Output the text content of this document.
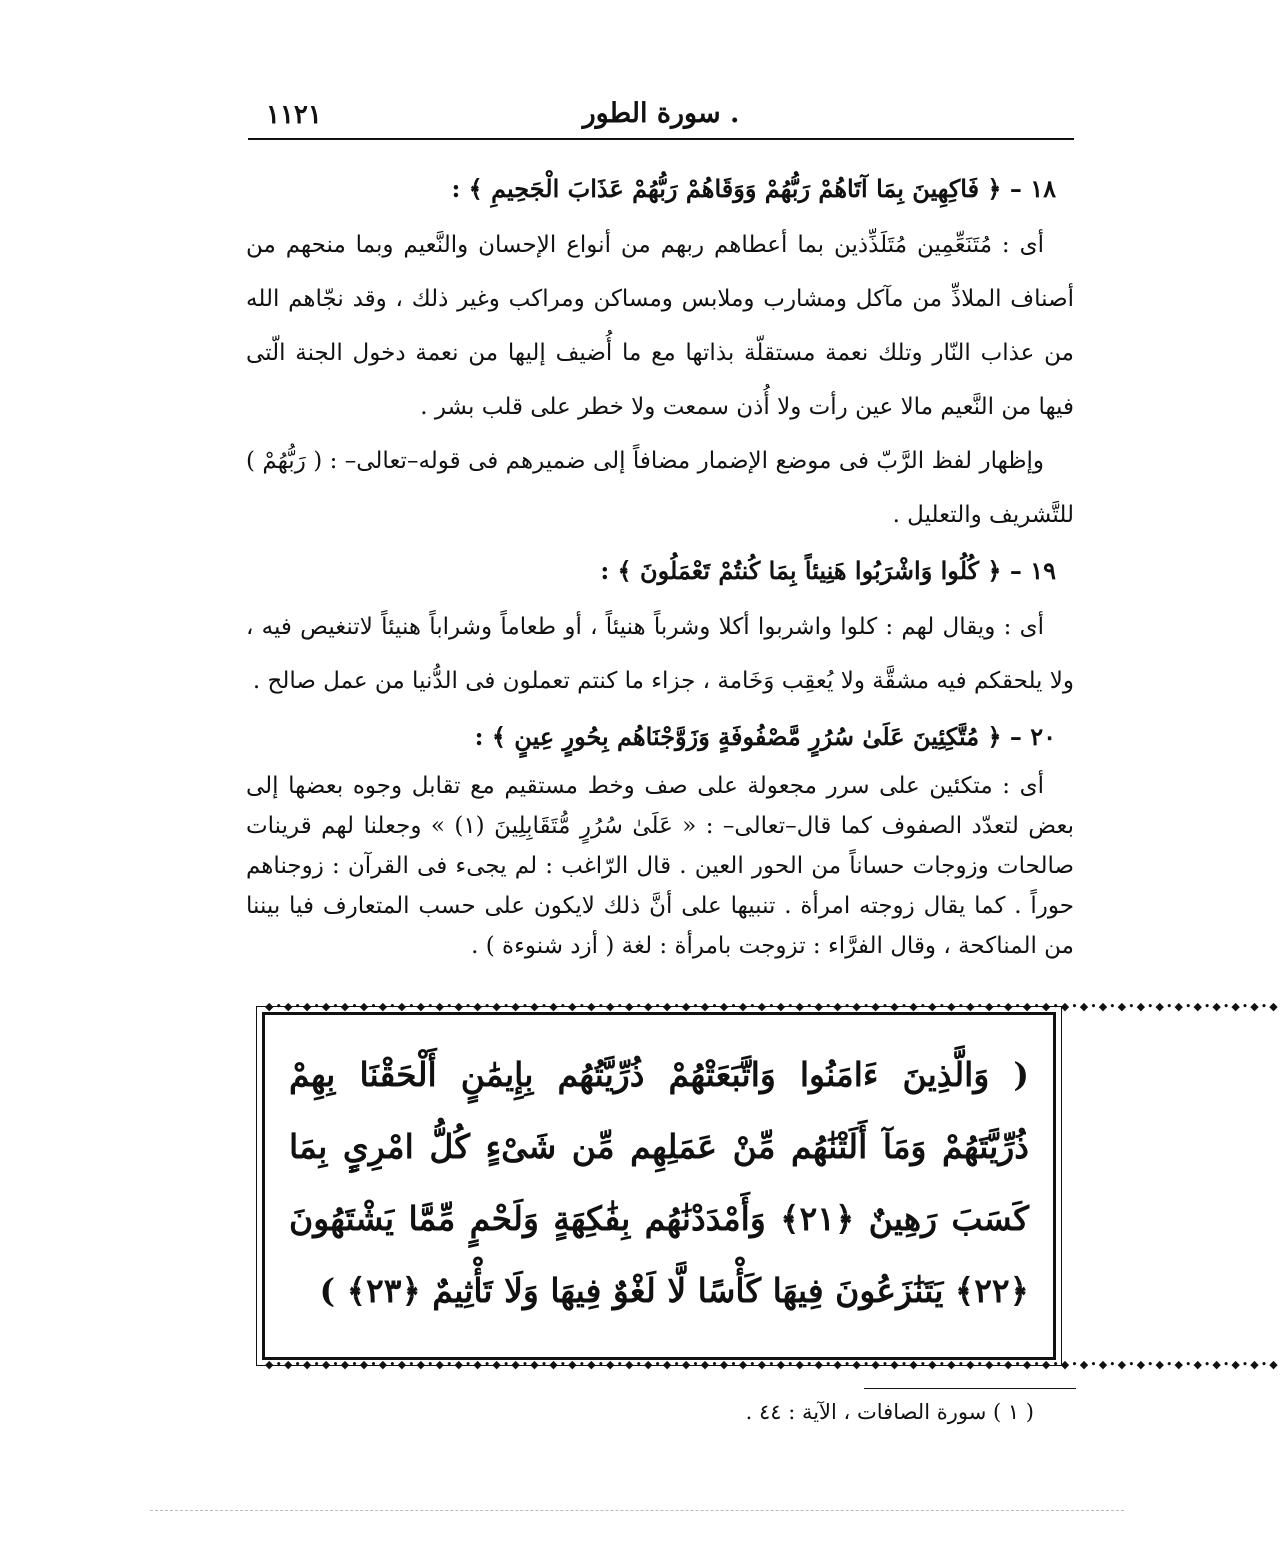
١١٢١	. سورة الطور

١٨ – ﴿ فَاكِهِينَ بِمَا آتَاهُمْ رَبُّهُمْ وَوَقَاهُمْ رَبُّهُمْ عَذَابَ الْجَحِيمِ ﴾ :

أى : مُتَنَعِّمِين مُتَلَذِّذين بما أعطاهم ربهم من أنواع الإحسان والنَّعيم وبما منحهم من أصناف الملاذِّ من مآكل ومشارب وملابس ومساكن ومراكب وغير ذلك ، وقد نجّاهم الله من عذاب النّار وتلك نعمة مستقلّة بذاتها مع ما أُضيف إليها من نعمة دخول الجنة الّتى فيها من النَّعيم مالا عين رأت ولا أُذن سمعت ولا خطر على قلب بشر .

وإظهار لفظ الرَّبّ فى موضع الإضمار مضافاً إلى ضميرهم فى قوله–تعالى– : ( رَبُّهُمْ ) للتَّشريف والتعليل .

١٩ – ﴿ كُلُوا وَاشْرَبُوا هَنِيئاً بِمَا كُنتُمْ تَعْمَلُونَ ﴾ :

أى : ويقال لهم : كلوا واشربوا أكلا وشرباً هنيئاً ، أو طعاماً وشراباً هنيئاً لاتنغيص فيه ، ولا يلحقكم فيه مشقَّة ولا يُعقِب وَخَامة ، جزاء ما كنتم تعملون فى الدُّنيا من عمل صالح .

٢٠ – ﴿ مُتَّكِئِينَ عَلَىٰ سُرُرٍ مَّصْفُوفَةٍ وَزَوَّجْنَاهُم بِحُورٍ عِينٍ ﴾ :

أى : متكئين على سرر مجعولة على صف وخط مستقيم مع تقابل وجوه بعضها إلى بعض لتعدّد الصفوف كما قال–تعالى– : « عَلَىٰ سُرُرٍ مُّتَقَابِلِينَ (١) » وجعلنا لهم قرينات صالحات وزوجات حساناً من الحور العين . قال الرّاغب : لم يجىء فى القرآن : زوجناهم حوراً . كما يقال زوجته امرأة . تنبيها على أنَّ ذلك لايكون على حسب المتعارف فيا بيننا من المناكحة ، وقال الفرَّاء : تزوجت بامرأة : لغة ( أزد شنوءة ) .

◆•◆•◆•◆•◆•◆•◆•◆•◆•◆•◆•◆•◆•◆•◆•◆•◆•◆•◆•◆•◆•◆•◆•◆•◆•◆•◆•◆•◆•◆•◆•◆•◆•◆•◆•◆•◆•◆•◆•◆•◆•◆•◆•◆•◆•◆•◆•◆•◆•◆•◆•◆•◆•◆
( وَالَّذِينَ ءَامَنُوا وَاتَّبَعَتْهُمْ ذُرِّيَّتُهُم بِإِيمَٰنٍ أَلْحَقْنَا بِهِمْ ذُرِّيَّتَهُمْ وَمَآ أَلَتْنَٰهُم مِّنْ عَمَلِهِم مِّن شَىْءٍ كُلُّ امْرِىٍٕ بِمَا كَسَبَ رَهِينٌ ﴿٢١﴾ وَأَمْدَدْنَٰهُم بِفَٰكِهَةٍ وَلَحْمٍ مِّمَّا يَشْتَهُونَ ﴿٢٢﴾ يَتَنَٰزَعُونَ فِيهَا كَأْسًا لَّا لَغْوٌ فِيهَا وَلَا تَأْثِيمٌ ﴿٢٣﴾ )
◆•◆•◆•◆•◆•◆•◆•◆•◆•◆•◆•◆•◆•◆•◆•◆•◆•◆•◆•◆•◆•◆•◆•◆•◆•◆•◆•◆•◆•◆•◆•◆•◆•◆•◆•◆•◆•◆•◆•◆•◆•◆•◆•◆•◆•◆•◆•◆•◆•◆•◆•◆•◆•◆
( ١ ) سورة الصافات ، الآية : ٤٤ .
